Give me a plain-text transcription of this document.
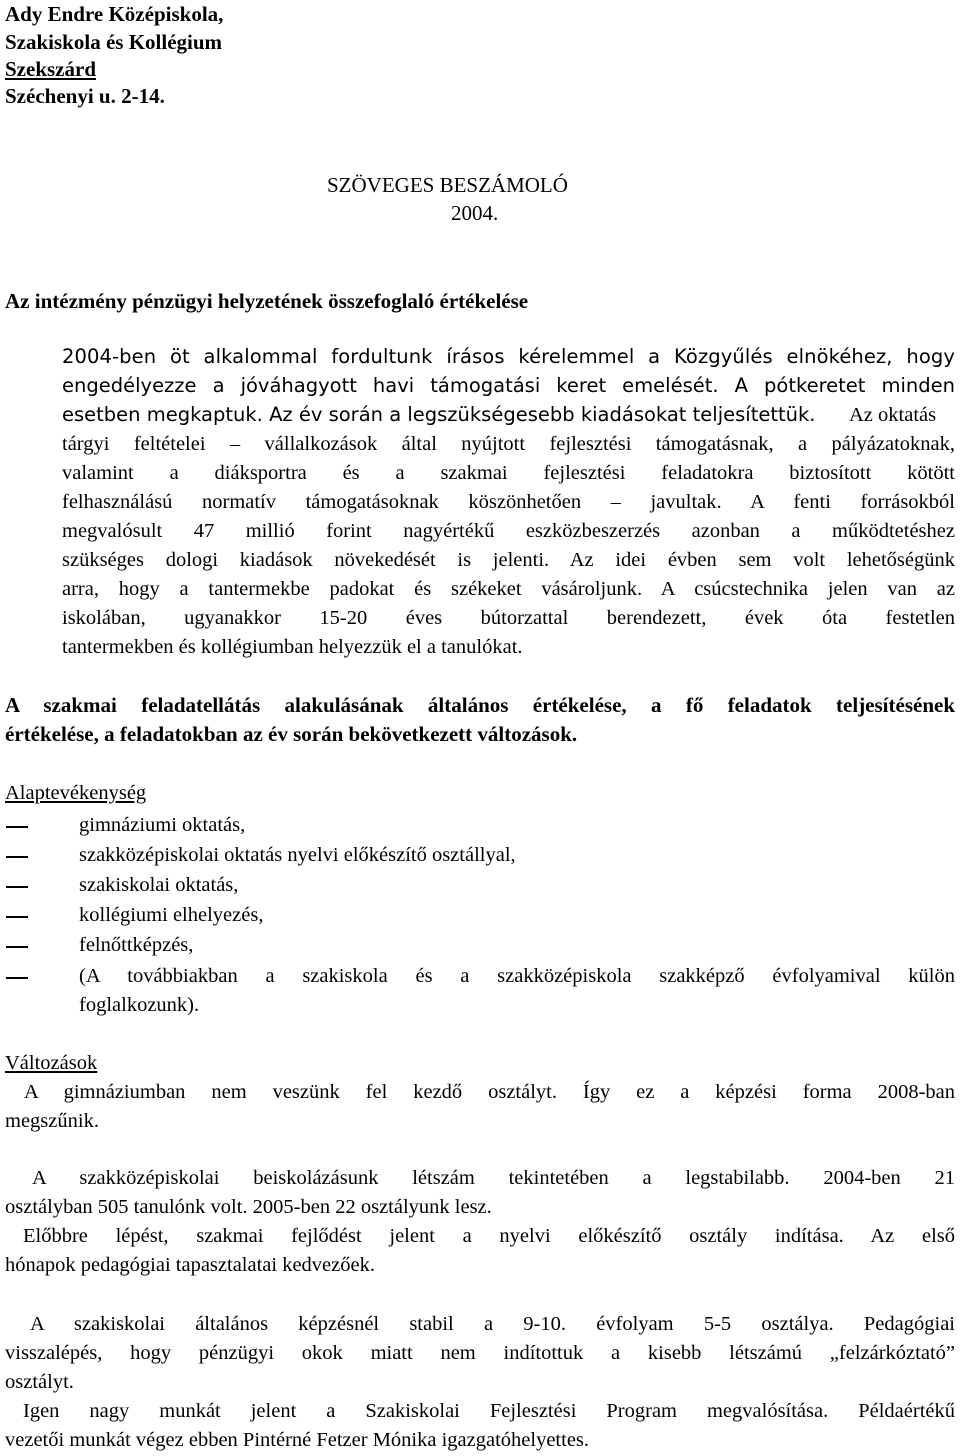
Ady Endre Középiskola,
Szakiskola és Kollégium
Szekszárd
Széchenyi u. 2-14.
SZÖVEGES BESZÁMOLÓ
2004.
Az intézmény pénzügyi helyzetének összefoglaló értékelése
2004-ben öt alkalommal fordultunk írásos kérelemmel a Közgyűlés elnökéhez, hogy
engedélyezze a jóváhagyott havi támogatási keret emelését. A pótkeretet minden
esetben megkaptuk. Az év során a legszükségesebb kiadásokat teljesítettük. Az oktatás
tárgyi feltételei – vállalkozások által nyújtott fejlesztési támogatásnak, a pályázatoknak,
valamint a diáksportra és a szakmai fejlesztési feladatokra biztosított kötött
felhasználású normatív támogatásoknak köszönhetően – javultak. A fenti forrásokból
megvalósult 47 millió forint nagyértékű eszközbeszerzés azonban a működtetéshez
szükséges dologi kiadások növekedését is jelenti. Az idei évben sem volt lehetőségünk
arra, hogy a tantermekbe padokat és székeket vásároljunk. A csúcstechnika jelen van az
iskolában, ugyanakkor 15-20 éves bútorzattal berendezett, évek óta festetlen
tantermekben és kollégiumban helyezzük el a tanulókat.
A szakmai feladatellátás alakulásának általános értékelése, a fő feladatok teljesítésének
értékelése, a feladatokban az év során bekövetkezett változások.
Alaptevékenység
gimnáziumi oktatás,
szakközépiskolai oktatás nyelvi előkészítő osztállyal,
szakiskolai oktatás,
kollégiumi elhelyezés,
felnőttképzés,
(A továbbiakban a szakiskola és a szakközépiskola szakképző évfolyamival külön
foglalkozunk).
Változások
A gimnáziumban nem veszünk fel kezdő osztályt. Így ez a képzési forma 2008-ban
megszűnik.
A szakközépiskolai beiskolázásunk létszám tekintetében a legstabilabb. 2004-ben 21
osztályban 505 tanulónk volt. 2005-ben 22 osztályunk lesz.
Előbbre lépést, szakmai fejlődést jelent a nyelvi előkészítő osztály indítása. Az első
hónapok pedagógiai tapasztalatai kedvezőek.
A szakiskolai általános képzésnél stabil a 9-10. évfolyam 5-5 osztálya. Pedagógiai
visszalépés, hogy pénzügyi okok miatt nem indítottuk a kisebb létszámú „felzárkóztató”
osztályt.
Igen nagy munkát jelent a Szakiskolai Fejlesztési Program megvalósítása. Példaértékű
vezetői munkát végez ebben Pintérné Fetzer Mónika igazgatóhelyettes.
